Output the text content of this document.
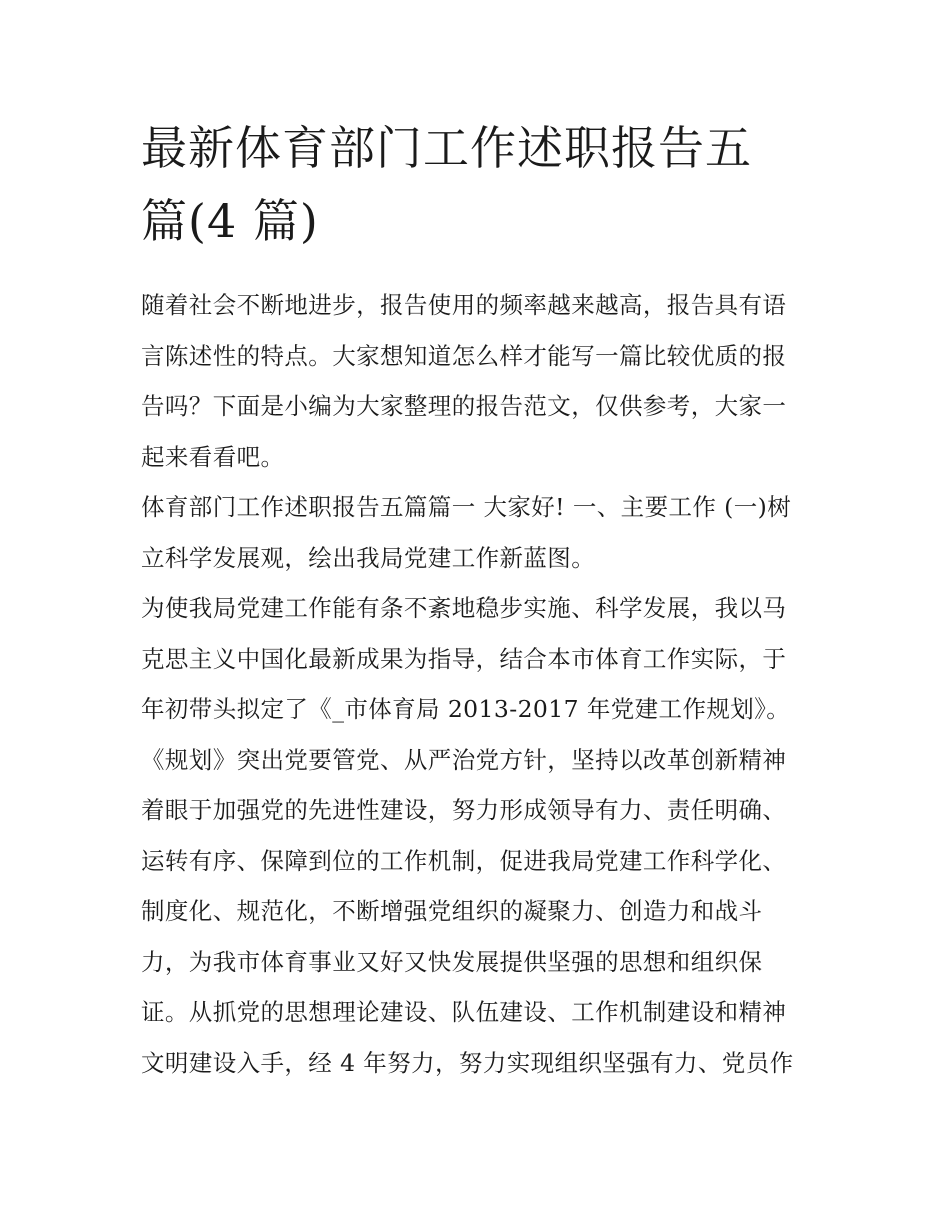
最新体育部门工作述职报告五
篇(4 篇)

随着社会不断地进步，报告使用的频率越来越高，报告具有语
言陈述性的特点。大家想知道怎么样才能写一篇比较优质的报
告吗？下面是小编为大家整理的报告范文，仅供参考，大家一
起来看看吧。

体育部门工作述职报告五篇篇一 大家好! 一、主要工作 (一)树
立科学发展观，绘出我局党建工作新蓝图。

为使我局党建工作能有条不紊地稳步实施、科学发展，我以马
克思主义中国化最新成果为指导，结合本市体育工作实际，于
年初带头拟定了《_市体育局 2013-2017 年党建工作规划》。
《规划》突出党要管党、从严治党方针，坚持以改革创新精神
着眼于加强党的先进性建设，努力形成领导有力、责任明确、
运转有序、保障到位的工作机制，促进我局党建工作科学化、
制度化、规范化，不断增强党组织的凝聚力、创造力和战斗
力，为我市体育事业又好又快发展提供坚强的思想和组织保
证。从抓党的思想理论建设、队伍建设、工作机制建设和精神
文明建设入手，经 4 年努力，努力实现组织坚强有力、党员作
